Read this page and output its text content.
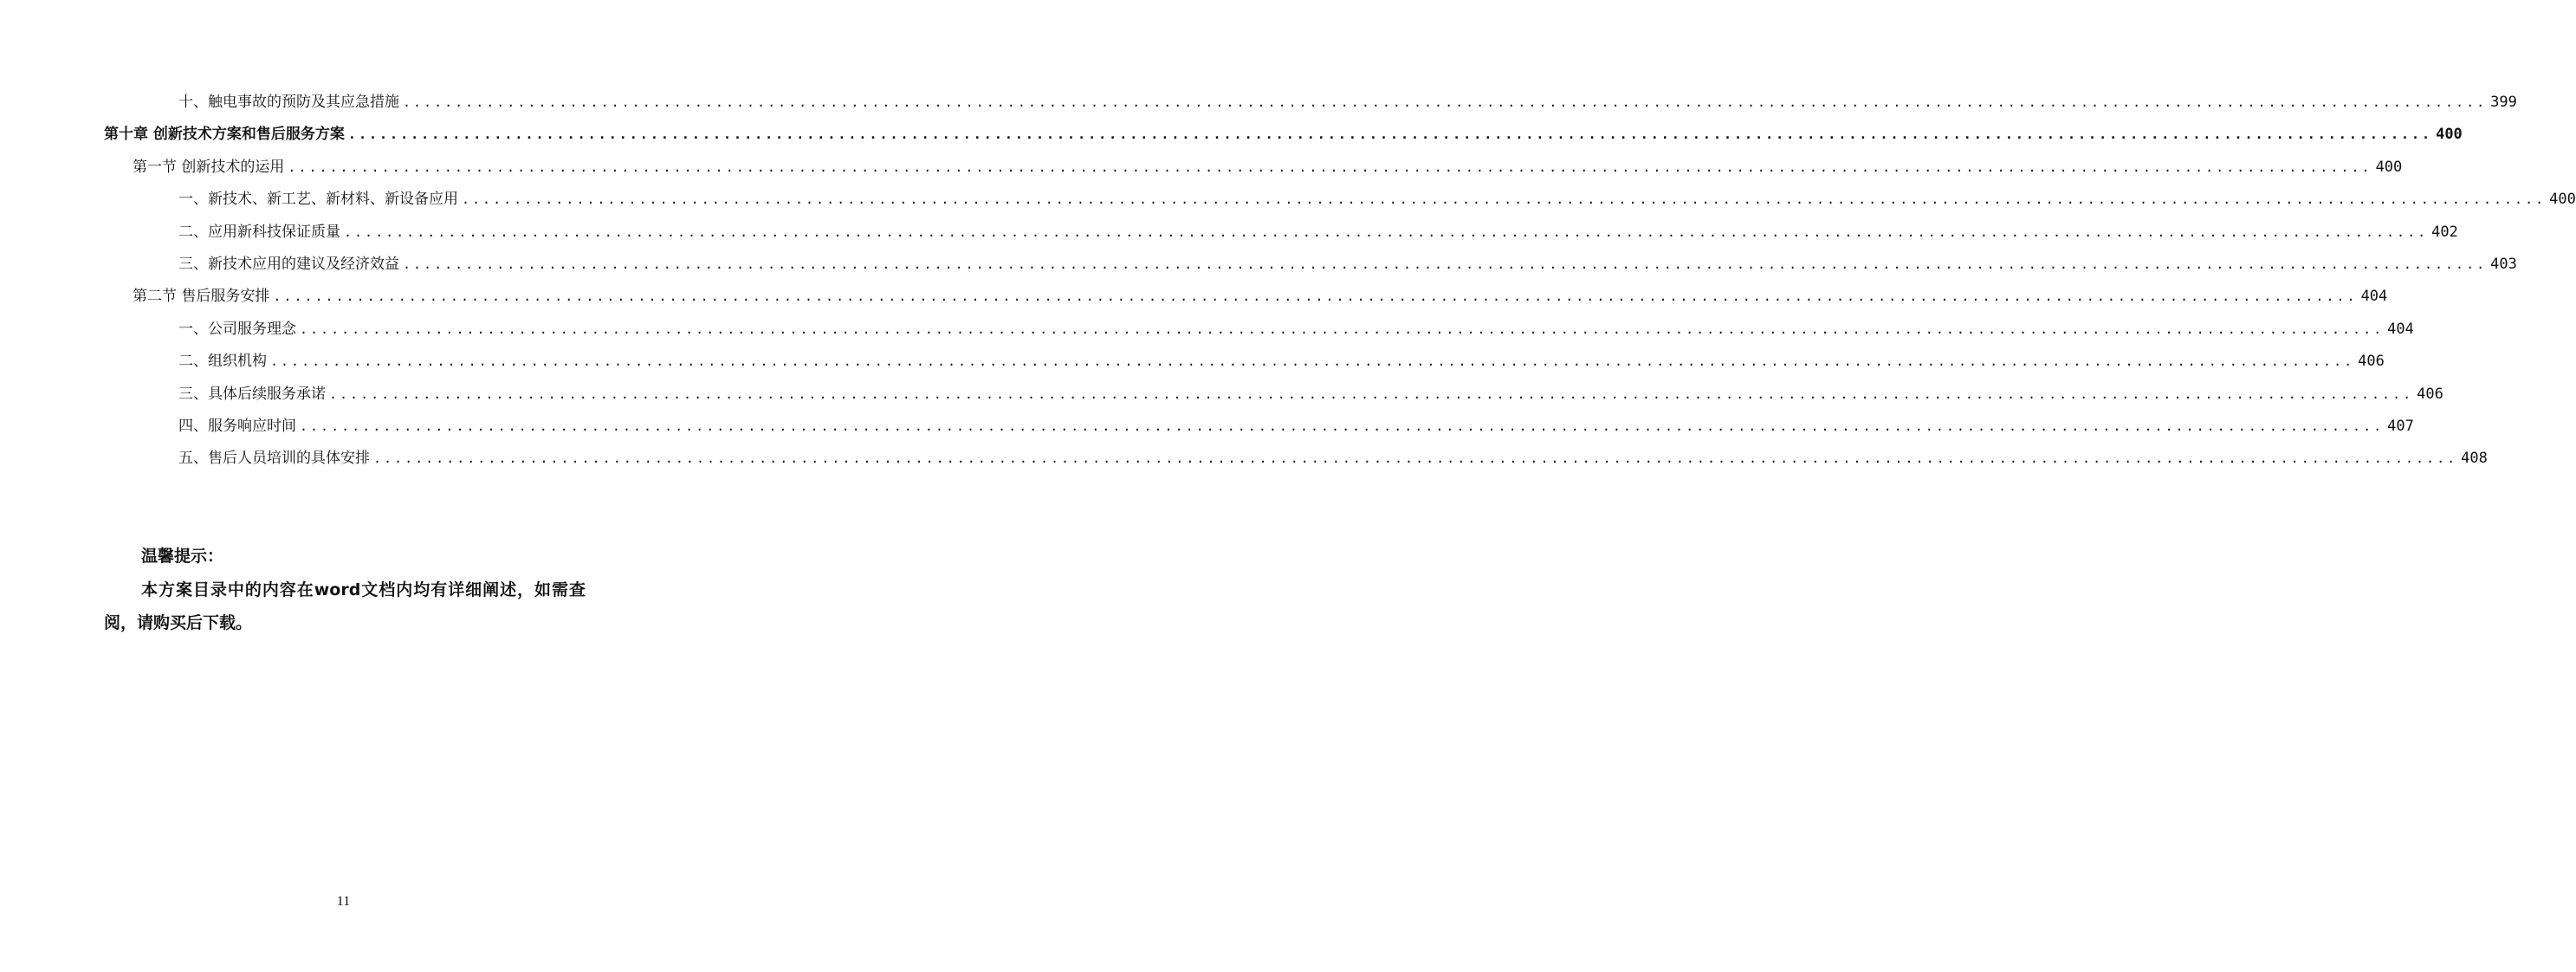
十、触电事故的预防及其应急措施 ........................................................................................................................................................................................................ 399
第十章 创新技术方案和售后服务方案 ........................................................................................................................................................................................................ 400
第一节 创新技术的运用 ........................................................................................................................................................................................................ 400
一、新技术、新工艺、新材料、新设备应用 ........................................................................................................................................................................................................ 400
二、应用新科技保证质量 ........................................................................................................................................................................................................ 402
三、新技术应用的建议及经济效益 ........................................................................................................................................................................................................ 403
第二节 售后服务安排 ........................................................................................................................................................................................................ 404
一、公司服务理念 ........................................................................................................................................................................................................ 404
二、组织机构 ........................................................................................................................................................................................................ 406
三、具体后续服务承诺 ........................................................................................................................................................................................................ 406
四、服务响应时间 ........................................................................................................................................................................................................ 407
五、售后人员培训的具体安排 ........................................................................................................................................................................................................ 408
温馨提示：
本方案目录中的内容在word文档内均有详细阐述，如需查阅，请购买后下载。
11
